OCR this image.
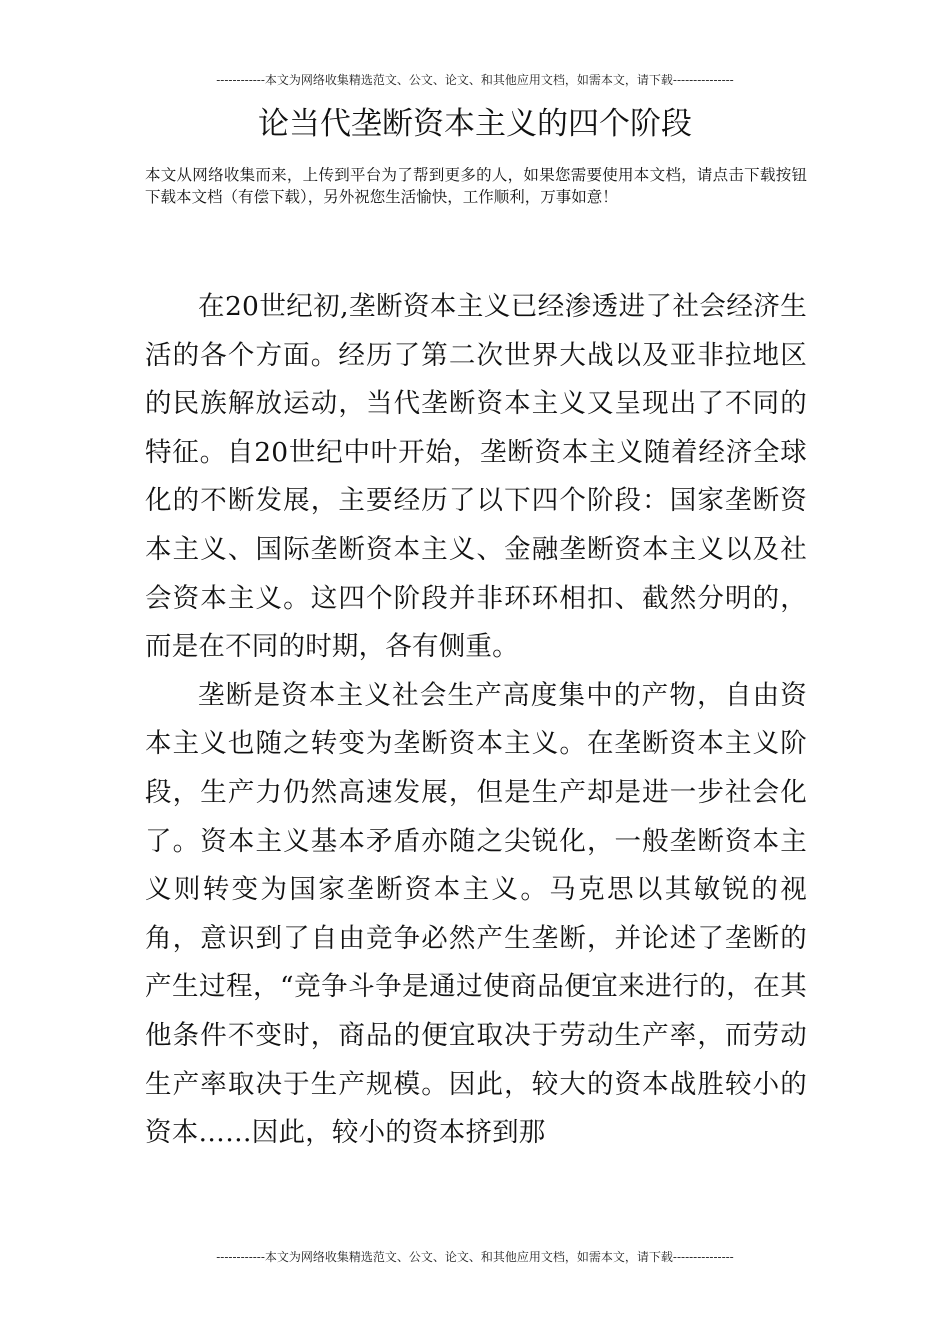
------------本文为网络收集精选范文、公文、论文、和其他应用文档，如需本文，请下载---------------
论当代垄断资本主义的四个阶段

本文从网络收集而来，上传到平台为了帮到更多的人，如果您需要使用本文档，请点击下载按钮下载本文档（有偿下载），另外祝您生活愉快，工作顺利，万事如意！

在20世纪初,垄断资本主义已经渗透进了社会经济生活的各个方面。经历了第二次世界大战以及亚非拉地区的民族解放运动，当代垄断资本主义又呈现出了不同的特征。自20世纪中叶开始，垄断资本主义随着经济全球化的不断发展，主要经历了以下四个阶段：国家垄断资本主义、国际垄断资本主义、金融垄断资本主义以及社会资本主义。这四个阶段并非环环相扣、截然分明的，而是在不同的时期，各有侧重。

垄断是资本主义社会生产高度集中的产物，自由资本主义也随之转变为垄断资本主义。在垄断资本主义阶段，生产力仍然高速发展，但是生产却是进一步社会化了。资本主义基本矛盾亦随之尖锐化，一般垄断资本主义则转变为国家垄断资本主义。马克思以其敏锐的视角，意识到了自由竞争必然产生垄断，并论述了垄断的产生过程，“竞争斗争是通过使商品便宜来进行的，在其他条件不变时，商品的便宜取决于劳动生产率，而劳动生产率取决于生产规模。因此，较大的资本战胜较小的资本……因此，较小的资本挤到那

------------本文为网络收集精选范文、公文、论文、和其他应用文档，如需本文，请下载---------------
